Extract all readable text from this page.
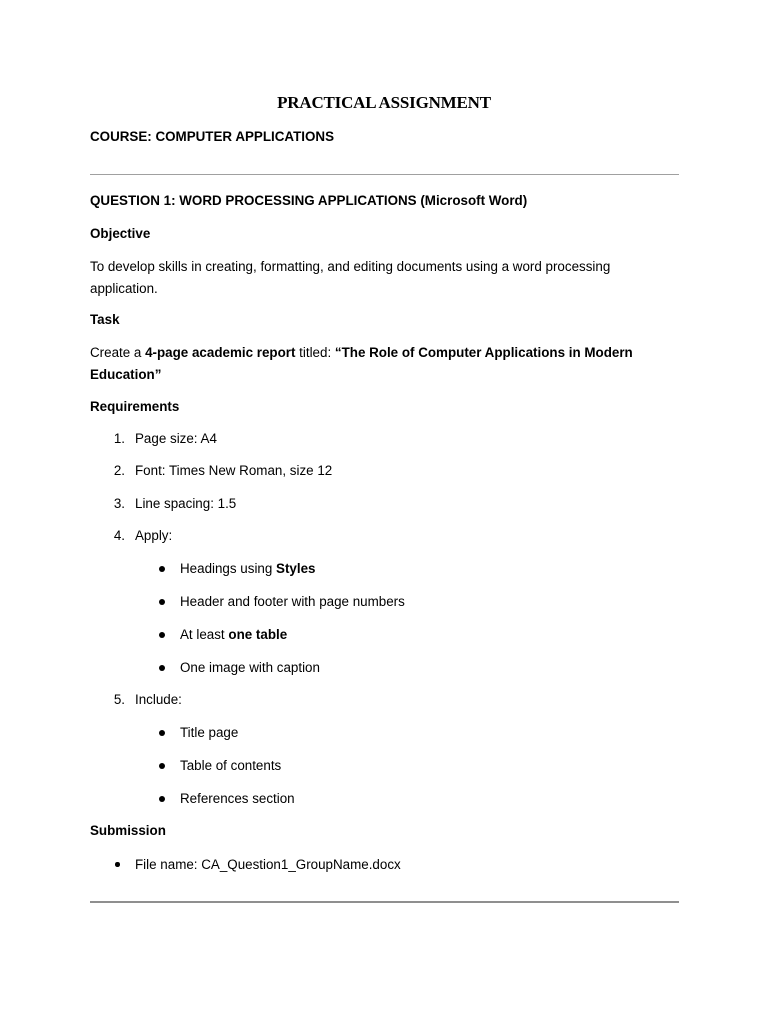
PRACTICAL ASSIGNMENT
COURSE: COMPUTER APPLICATIONS
QUESTION 1: WORD PROCESSING APPLICATIONS (Microsoft Word)
Objective
To develop skills in creating, formatting, and editing documents using a word processing application.
Task
Create a 4-page academic report titled: “The Role of Computer Applications in Modern Education”
Requirements
1. Page size: A4
2. Font: Times New Roman, size 12
3. Line spacing: 1.5
4. Apply:
Headings using Styles
Header and footer with page numbers
At least one table
One image with caption
5. Include:
Title page
Table of contents
References section
Submission
File name: CA_Question1_GroupName.docx
